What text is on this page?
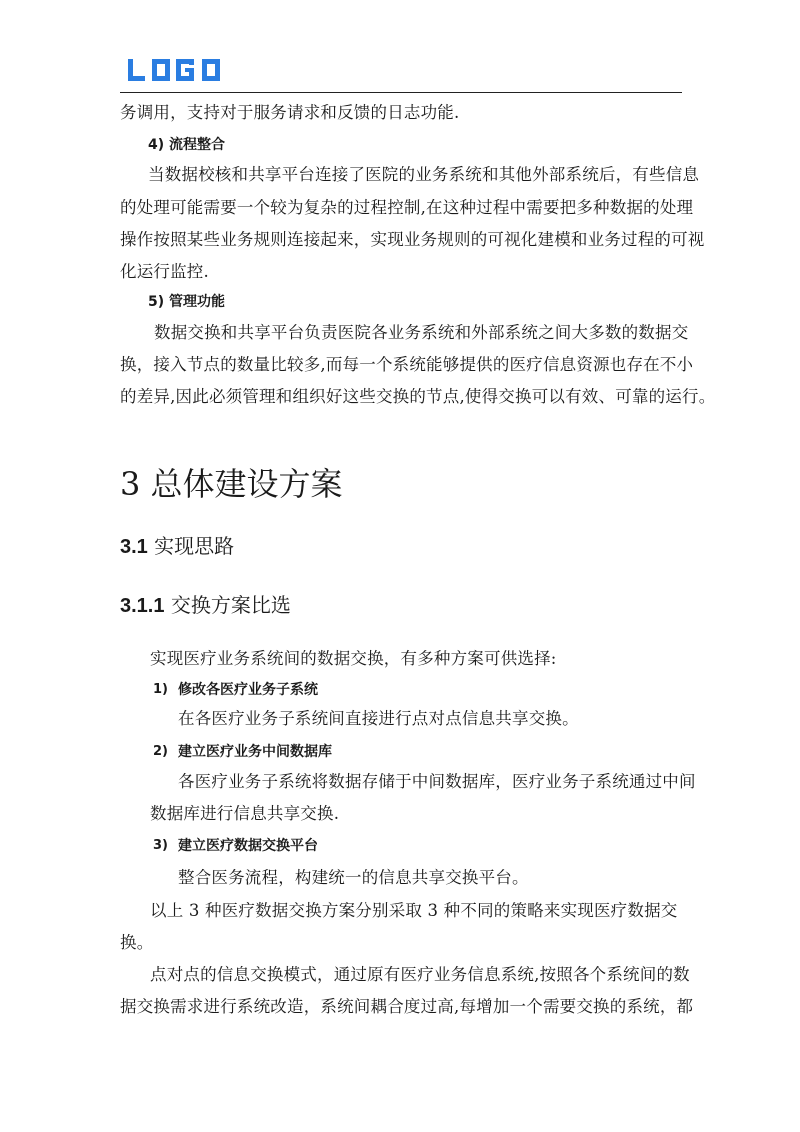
务调用，支持对于服务请求和反馈的日志功能.
4) 流程整合
当数据校核和共享平台连接了医院的业务系统和其他外部系统后，有些信息
的处理可能需要一个较为复杂的过程控制,在这种过程中需要把多种数据的处理
操作按照某些业务规则连接起来，实现业务规则的可视化建模和业务过程的可视
化运行监控.
5) 管理功能
数据交换和共享平台负责医院各业务系统和外部系统之间大多数的数据交
换，接入节点的数量比较多,而每一个系统能够提供的医疗信息资源也存在不小
的差异,因此必须管理和组织好这些交换的节点,使得交换可以有效、可靠的运行。
3 总体建设方案
3.1 实现思路
3.1.1 交换方案比选
实现医疗业务系统间的数据交换，有多种方案可供选择:
1) 修改各医疗业务子系统
在各医疗业务子系统间直接进行点对点信息共享交换。
2) 建立医疗业务中间数据库
各医疗业务子系统将数据存储于中间数据库，医疗业务子系统通过中间
数据库进行信息共享交换.
3) 建立医疗数据交换平台
整合医务流程，构建统一的信息共享交换平台。
以上 3 种医疗数据交换方案分别采取 3 种不同的策略来实现医疗数据交
换。
点对点的信息交换模式，通过原有医疗业务信息系统,按照各个系统间的数
据交换需求进行系统改造，系统间耦合度过高,每增加一个需要交换的系统，都
